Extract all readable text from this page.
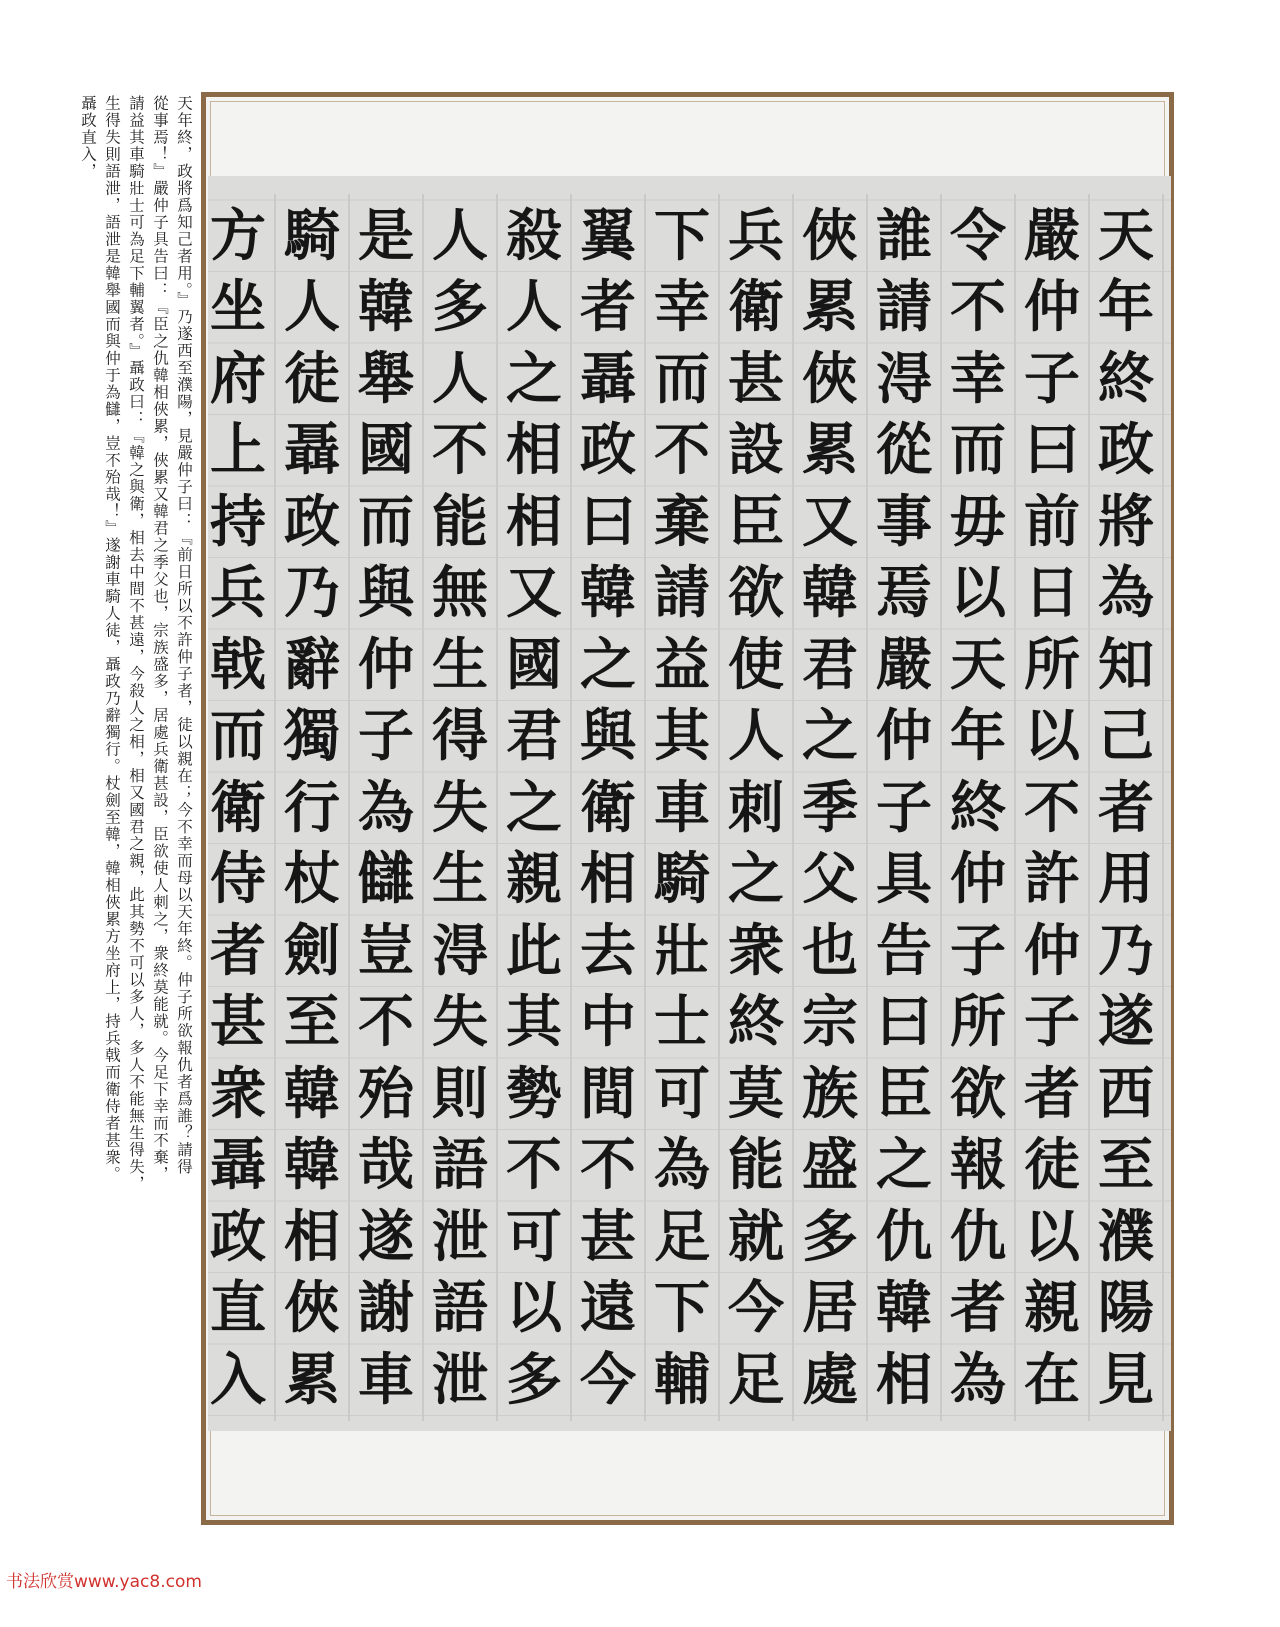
天年終，政將爲知己者用。』乃遂西至濮陽，見嚴仲子曰：『前日所以不許仲子者，徒以親在；今不幸而母以天年終。仲子所欲報仇者爲誰？請得

從事焉！』嚴仲子具告曰：『臣之仇韓相俠累，俠累又韓君之季父也，宗族盛多，居處兵衛甚設，臣欲使人刺之，衆終莫能就。今足下幸而不棄，

請益其車騎壯士可為足下輔翼者。』聶政曰：『韓之與衛，相去中間不甚遠，今殺人之相，相又國君之親，此其勢不可以多人，多人不能無生得失，

生得失則語泄，語泄是韓舉國而與仲于為讎，豈不殆哉！』遂謝車騎人徒，聶政乃辭獨行。杖劍至韓，韓相俠累方坐府上，持兵戟而衛侍者甚衆。

聶政直入，

天
年
終
政
將
為
知
己
者
用
乃
遂
西
至
濮
陽
見
嚴
仲
子
曰
前
日
所
以
不
許
仲
子
者
徒
以
親
在
令
不
幸
而
毋
以
天
年
終
仲
子
所
欲
報
仇
者
為
誰
請
淂
從
事
焉
嚴
仲
子
具
告
曰
臣
之
仇
韓
相
俠
累
俠
累
又
韓
君
之
季
父
也
宗
族
盛
多
居
處
兵
衛
甚
設
臣
欲
使
人
刺
之
衆
終
莫
能
就
今
足
下
幸
而
不
棄
請
益
其
車
騎
壯
士
可
為
足
下
輔
翼
者
聶
政
曰
韓
之
與
衛
相
去
中
間
不
甚
遠
今
殺
人
之
相
相
又
國
君
之
親
此
其
勢
不
可
以
多
人
多
人
不
能
無
生
得
失
生
淂
失
則
語
泄
語
泄
是
韓
舉
國
而
與
仲
子
為
讎
豈
不
殆
哉
遂
謝
車
騎
人
徒
聶
政
乃
辭
獨
行
杖
劍
至
韓
韓
相
俠
累
方
坐
府
上
持
兵
戟
而
衛
侍
者
甚
衆
聶
政
直
入
书法欣赏www.yac8.com
